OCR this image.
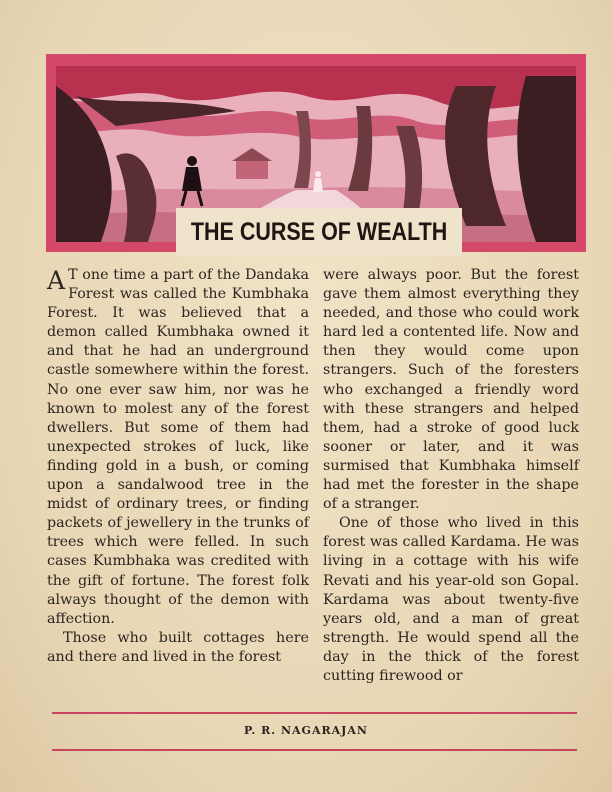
THE CURSE OF WEALTH

A T one time a part of the Dandaka Forest was called the Kumbhaka Forest. It was believed that a demon called Kumbhaka owned it and that he had an underground castle somewhere within the forest. No one ever saw him, nor was he known to molest any of the forest dwellers. But some of them had unexpected strokes of luck, like finding gold in a bush, or coming upon a sandalwood tree in the midst of ordinary trees, or finding packets of jewellery in the trunks of trees which were felled. In such cases Kumbhaka was credited with the gift of fortune. The forest folk always thought of the demon with affection.

Those who built cottages here and there and lived in the forest

were always poor. But the forest gave them almost everything they needed, and those who could work hard led a contented life. Now and then they would come upon strangers. Such of the foresters who exchanged a friendly word with these strangers and helped them, had a stroke of good luck sooner or later, and it was surmised that Kumbhaka himself had met the forester in the shape of a stranger.

One of those who lived in this forest was called Kardama. He was living in a cottage with his wife Revati and his year-old son Gopal. Kardama was about twenty-five years old, and a man of great strength. He would spend all the day in the thick of the forest cutting firewood or

P. R. NAGARAJAN
